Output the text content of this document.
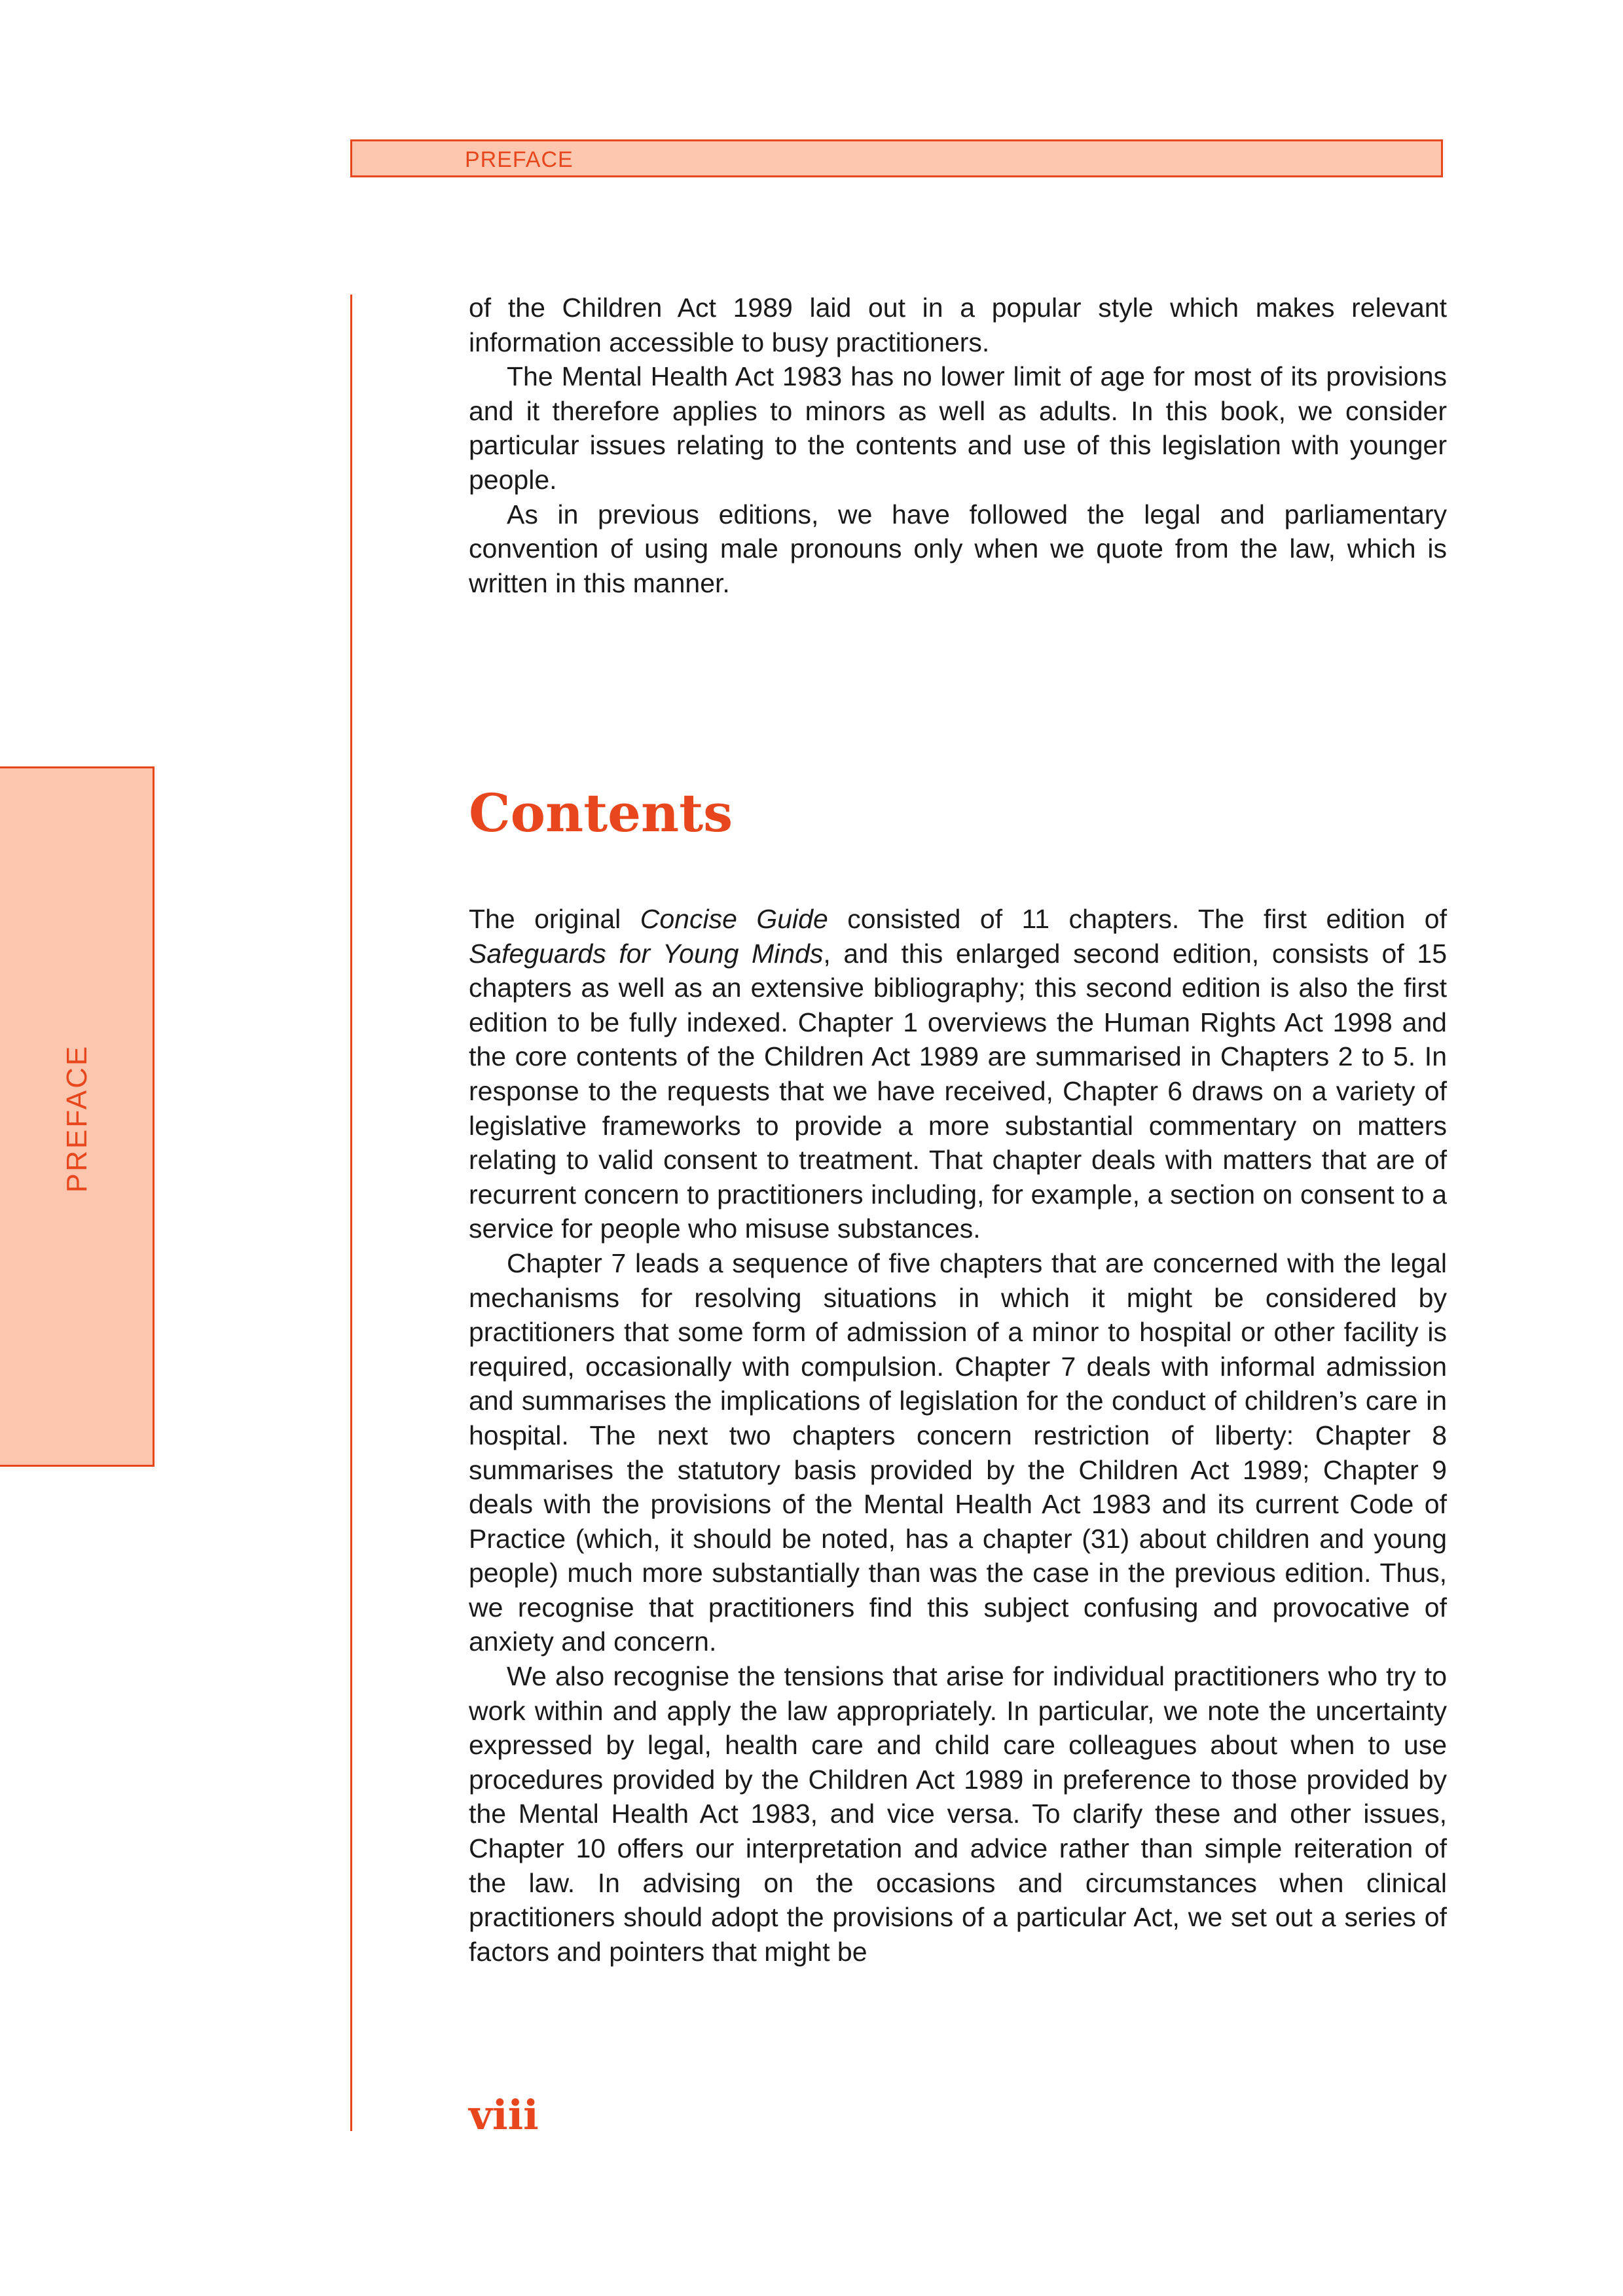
PREFACE
PREFACE

of the Children Act 1989 laid out in a popular style which makes relevant information accessible to busy practitioners.

The Mental Health Act 1983 has no lower limit of age for most of its provisions and it therefore applies to minors as well as adults. In this book, we consider particular issues relating to the contents and use of this legislation with younger people.

As in previous editions, we have followed the legal and parliamentary convention of using male pronouns only when we quote from the law, which is written in this manner.

Contents

The original Concise Guide consisted of 11 chapters. The first edition of Safeguards for Young Minds, and this enlarged second edition, consists of 15 chapters as well as an extensive bibliography; this second edition is also the first edition to be fully indexed. Chapter 1 overviews the Human Rights Act 1998 and the core contents of the Children Act 1989 are summarised in Chapters 2 to 5. In response to the requests that we have received, Chapter 6 draws on a variety of legislative frameworks to provide a more substantial commentary on matters relating to valid consent to treatment. That chapter deals with matters that are of recurrent concern to practitioners including, for example, a section on consent to a service for people who misuse substances.

Chapter 7 leads a sequence of five chapters that are concerned with the legal mechanisms for resolving situations in which it might be considered by practitioners that some form of admission of a minor to hospital or other facility is required, occasionally with compulsion. Chapter 7 deals with informal admission and summarises the implications of legislation for the conduct of children’s care in hospital. The next two chapters concern restriction of liberty: Chapter 8 summarises the statutory basis provided by the Children Act 1989; Chapter 9 deals with the provisions of the Mental Health Act 1983 and its current Code of Practice (which, it should be noted, has a chapter (31) about children and young people) much more substantially than was the case in the previous edition. Thus, we recognise that practitioners find this subject confusing and provocative of anxiety and concern.

We also recognise the tensions that arise for individual practitioners who try to work within and apply the law appropriately. In particular, we note the uncertainty expressed by legal, health care and child care colleagues about when to use procedures provided by the Children Act 1989 in preference to those provided by the Mental Health Act 1983, and vice versa. To clarify these and other issues, Chapter 10 offers our interpretation and advice rather than simple reiteration of the law. In advising on the occasions and circumstances when clinical practitioners should adopt the provisions of a particular Act, we set out a series of factors and pointers that might be

viii
